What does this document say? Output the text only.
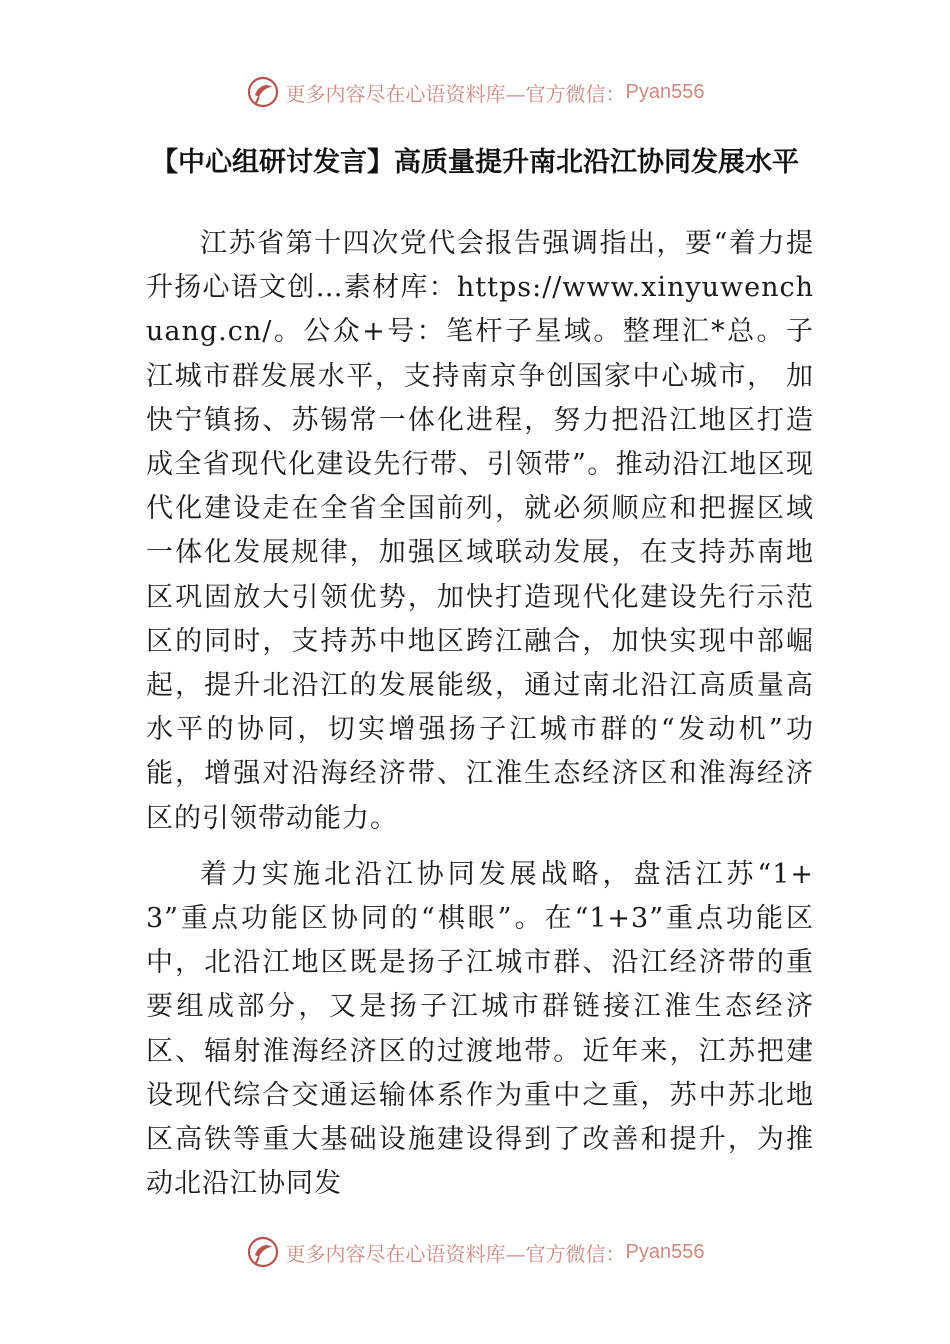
更多内容尽在心语资料库—官方微信： Pyan556
【中心组研讨发言】高质量提升南北沿江协同发展水平

江苏省第十四次党代会报告强调指出，要“着力提升扬心语文创…素材库：https://www.xinyuwenchuang.cn/。公众+号：笔杆子星域。整理汇*总。子江城市群发展水平，支持南京争创国家中心城市， 加快宁镇扬、苏锡常一体化进程，努力把沿江地区打造成全省现代化建设先行带、引领带”。推动沿江地区现代化建设走在全省全国前列，就必须顺应和把握区域一体化发展规律，加强区域联动发展，在支持苏南地区巩固放大引领优势，加快打造现代化建设先行示范区的同时，支持苏中地区跨江融合，加快实现中部崛起，提升北沿江的发展能级，通过南北沿江高质量高水平的协同，切实增强扬子江城市群的“发动机”功能，增强对沿海经济带、江淮生态经济区和淮海经济区的引领带动能力。

着力实施北沿江协同发展战略，盘活江苏“1+3”重点功能区协同的“棋眼”。在“1+3”重点功能区中，北沿江地区既是扬子江城市群、沿江经济带的重要组成部分，又是扬子江城市群链接江淮生态经济区、辐射淮海经济区的过渡地带。近年来，江苏把建设现代综合交通运输体系作为重中之重，苏中苏北地区高铁等重大基础设施建设得到了改善和提升，为推动北沿江协同发

更多内容尽在心语资料库—官方微信： Pyan556
